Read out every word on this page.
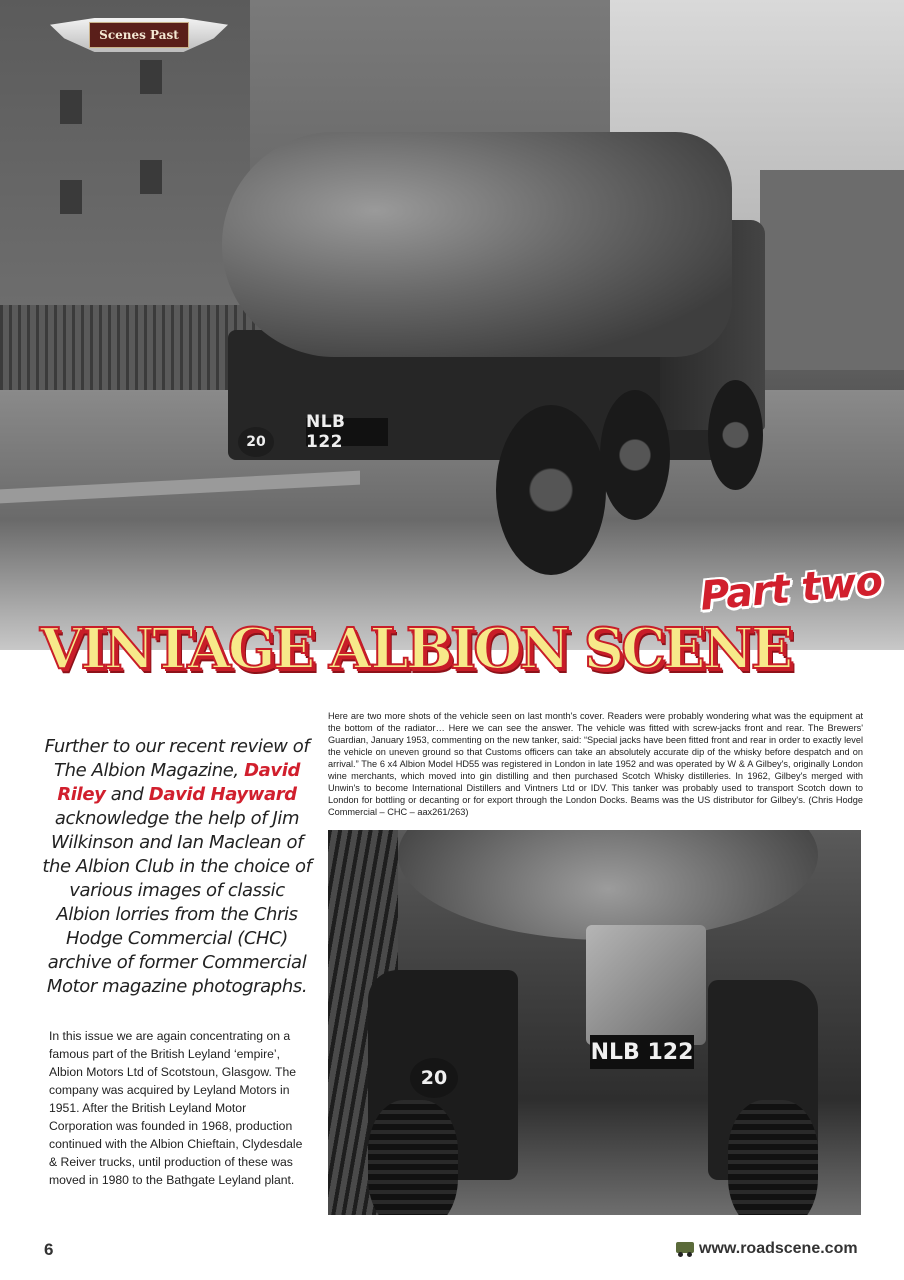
NLB 122
20
Scenes Past
Part two
VINTAGE ALBION SCENE

Here are two more shots of the vehicle seen on last month's cover. Readers were probably wondering what was the equipment at the bottom of the radiator… Here we can see the answer. The vehicle was fitted with screw-jacks front and rear. The Brewers' Guardian, January 1953, commenting on the new tanker, said: “Special jacks have been fitted front and rear in order to exactly level the vehicle on uneven ground so that Customs officers can take an absolutely accurate dip of the whisky before despatch and on arrival.” The 6 x4 Albion Model HD55 was registered in London in late 1952 and was operated by W & A Gilbey's, originally London wine merchants, which moved into gin distilling and then purchased Scotch Whisky distilleries. In 1962, Gilbey's merged with Unwin's to become International Distillers and Vintners Ltd or IDV. This tanker was probably used to transport Scotch down to London for bottling or decanting or for export through the London Docks. Beams was the US distributor for Gilbey's. (Chris Hodge Commercial – CHC – aax261/263)

Further to our recent review of The Albion Magazine, David Riley and David Hayward acknowledge the help of Jim Wilkinson and Ian Maclean of the Albion Club in the choice of various images of classic Albion lorries from the Chris Hodge Commercial (CHC) archive of former Commercial Motor magazine photographs.

In this issue we are again concentrating on a famous part of the British Leyland ‘empire’, Albion Motors Ltd of Scotstoun, Glasgow. The company was acquired by Leyland Motors in 1951. After the British Leyland Motor Corporation was founded in 1968, production continued with the Albion Chieftain, Clydesdale & Reiver trucks, until production of these was moved in 1980 to the Bathgate Leyland plant.

NLB 122
20
6	www.roadscene.com
